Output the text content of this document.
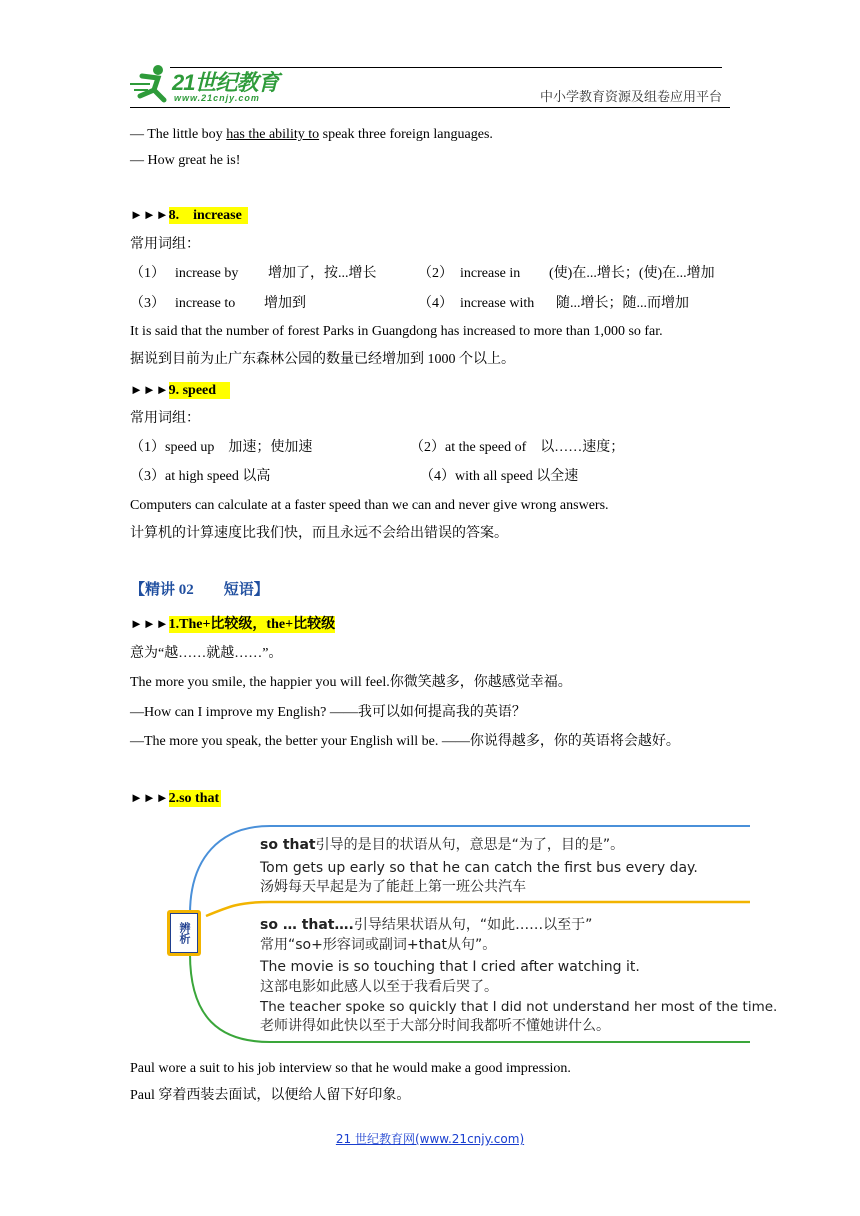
21世纪教育
www.21cnjy.com	中小学教育资源及组卷应用平台
— The little boy has the ability to speak three foreign languages.
— How great he is!
►►►8.　increase
常用词组：
（1） increase by 增加了，按...增长	（2） increase in (使)在...增长；(使)在...增加
（3） increase to 增加到	（4） increase with 随...增长；随...而增加
It is said that the number of forest Parks in Guangdong has increased to more than 1,000 so far.
据说到目前为止广东森林公园的数量已经增加到 1000 个以上。
►►►9. speed
常用词组：
（1）speed up　加速；使加速	（2）at the speed of　以……速度；
（3）at high speed 以高	（4）with all speed 以全速
Computers can calculate at a faster speed than we can and never give wrong answers.
计算机的计算速度比我们快，而且永远不会给出错误的答案。
【精讲 02　　短语】
►►►1.The+比较级，the+比较级
意为“越……就越……”。
The more you smile, the happier you will feel.你微笑越多，你越感觉幸福。
—How can I improve my English? ——我可以如何提高我的英语？
—The more you speak, the better your English will be. ——你说得越多，你的英语将会越好。
►►►2.so that
辨析
so that引导的是目的状语从句，意思是“为了，目的是”。
Tom gets up early so that he can catch the first bus every day.
汤姆每天早起是为了能赶上第一班公共汽车
so … that….引导结果状语从句，“如此……以至于”
常用“so+形容词或副词+that从句”。
The movie is so touching that I cried after watching it.
这部电影如此感人以至于我看后哭了。
The teacher spoke so quickly that I did not understand her most of the time.
老师讲得如此快以至于大部分时间我都听不懂她讲什么。
Paul wore a suit to his job interview so that he would make a good impression.
Paul 穿着西装去面试，以便给人留下好印象。
21 世纪教育网(www.21cnjy.com)
